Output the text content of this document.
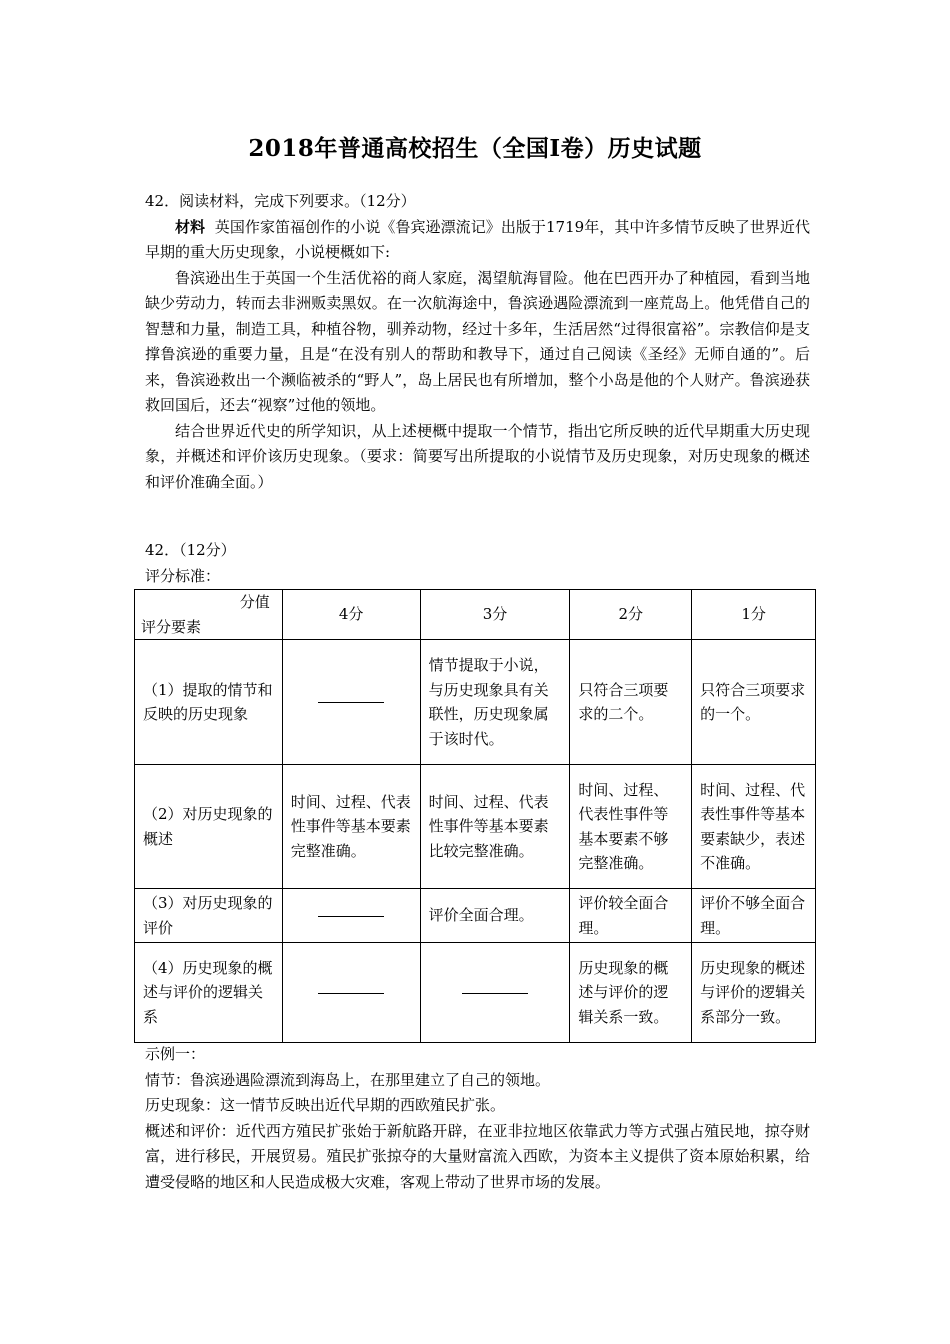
2018年普通高校招生（全国Ⅰ卷）历史试题

42．阅读材料，完成下列要求。（12分）

材料 英国作家笛福创作的小说《鲁宾逊漂流记》出版于1719年，其中许多情节反映了世界近代早期的重大历史现象，小说梗概如下:

鲁滨逊出生于英国一个生活优裕的商人家庭，渴望航海冒险。他在巴西开办了种植园，看到当地缺少劳动力，转而去非洲贩卖黑奴。在一次航海途中，鲁滨逊遇险漂流到一座荒岛上。他凭借自己的智慧和力量，制造工具，种植谷物，驯养动物，经过十多年，生活居然“过得很富裕”。宗教信仰是支撑鲁滨逊的重要力量，且是“在没有别人的帮助和教导下，通过自己阅读《圣经》无师自通的”。后来，鲁滨逊救出一个濒临被杀的“野人”，岛上居民也有所增加，整个小岛是他的个人财产。鲁滨逊获救回国后，还去“视察”过他的领地。

结合世界近代史的所学知识，从上述梗概中提取一个情节，指出它所反映的近代早期重大历史现象，并概述和评价该历史现象。（要求：简要写出所提取的小说情节及历史现象，对历史现象的概述和评价准确全面。）

42．（12分）

评分标准：

分值
评分要素	4分	3分	2分	1分
（1）提取的情节和反映的历史现象		情节提取于小说，与历史现象具有关联性，历史现象属于该时代。	只符合三项要求的二个。	只符合三项要求的一个。
（2）对历史现象的概述	时间、过程、代表性事件等基本要素完整准确。	时间、过程、代表性事件等基本要素比较完整准确。	时间、过程、代表性事件等基本要素不够完整准确。	时间、过程、代表性事件等基本要素缺少，表述不准确。
（3）对历史现象的评价		评价全面合理。	评价较全面合理。	评价不够全面合理。
（4）历史现象的概述与评价的逻辑关系			历史现象的概述与评价的逻辑关系一致。	历史现象的概述与评价的逻辑关系部分一致。

示例一：

情节：鲁滨逊遇险漂流到海岛上，在那里建立了自己的领地。

历史现象：这一情节反映出近代早期的西欧殖民扩张。

概述和评价：近代西方殖民扩张始于新航路开辟，在亚非拉地区依靠武力等方式强占殖民地，掠夺财富，进行移民，开展贸易。殖民扩张掠夺的大量财富流入西欧，为资本主义提供了资本原始积累，给遭受侵略的地区和人民造成极大灾难，客观上带动了世界市场的发展。
